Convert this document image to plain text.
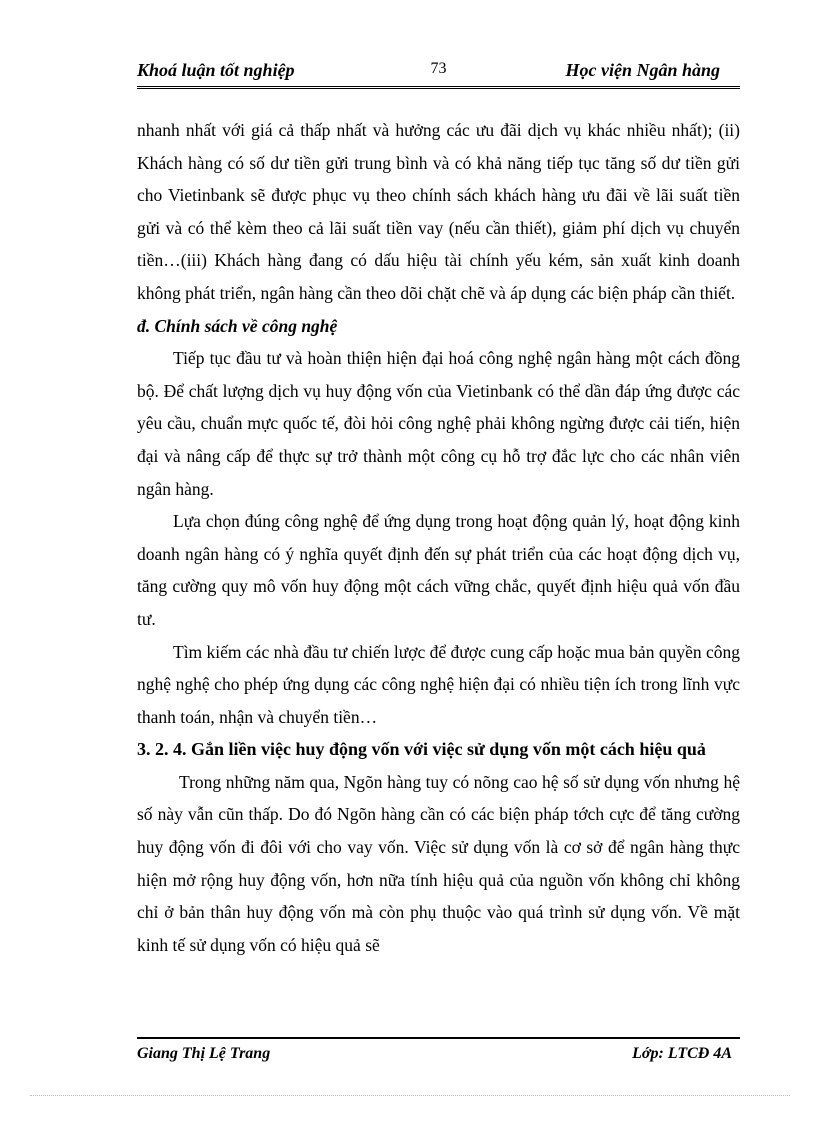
Khoá luận tốt nghiệp	73	Học viện Ngân hàng

nhanh nhất với giá cả thấp nhất và hưởng các ưu đãi dịch vụ khác nhiều nhất); (ii) Khách hàng có số dư tiền gửi trung bình và có khả năng tiếp tục tăng số dư tiền gửi cho Vietinbank sẽ được phục vụ theo chính sách khách hàng ưu đãi về lãi suất tiền gửi và có thể kèm theo cả lãi suất tiền vay (nếu cần thiết), giảm phí dịch vụ chuyển tiền…(iii) Khách hàng đang có dấu hiệu tài chính yếu kém, sản xuất kinh doanh không phát triển, ngân hàng cần theo dõi chặt chẽ và áp dụng các biện pháp cần thiết.

đ. Chính sách về công nghệ

Tiếp tục đầu tư và hoàn thiện hiện đại hoá công nghệ ngân hàng một cách đồng bộ. Để chất lượng dịch vụ huy động vốn của Vietinbank có thể dần đáp ứng được các yêu cầu, chuẩn mực quốc tế, đòi hỏi công nghệ phải không ngừng được cải tiến, hiện đại và nâng cấp để thực sự trở thành một công cụ hỗ trợ đắc lực cho các nhân viên ngân hàng.

Lựa chọn đúng công nghệ để ứng dụng trong hoạt động quản lý, hoạt động kinh doanh ngân hàng có ý nghĩa quyết định đến sự phát triển của các hoạt động dịch vụ, tăng cường quy mô vốn huy động một cách vững chắc, quyết định hiệu quả vốn đầu tư.

Tìm kiếm các nhà đầu tư chiến lược để được cung cấp hoặc mua bản quyền công nghệ nghệ cho phép ứng dụng các công nghệ hiện đại có nhiều tiện ích trong lĩnh vực thanh toán, nhận và chuyển tiền…

3. 2. 4. Gắn liền việc huy động vốn với việc sử dụng vốn một cách hiệu quả

Trong những năm qua, Ngõn hàng tuy có nõng cao hệ số sử dụng vốn nhưng hệ số này vẫn cũn thấp. Do đó Ngõn hàng cần có các biện pháp tớch cực để tăng cường huy động vốn đi đôi với cho vay vốn. Việc sử dụng vốn là cơ sở để ngân hàng thực hiện mở rộng huy động vốn, hơn nữa tính hiệu quả của nguồn vốn không chỉ không chỉ ở bản thân huy động vốn mà còn phụ thuộc vào quá trình sử dụng vốn. Về mặt kinh tế sử dụng vốn có hiệu quả sẽ

Giang Thị Lệ Trang	Lớp: LTCĐ 4A
